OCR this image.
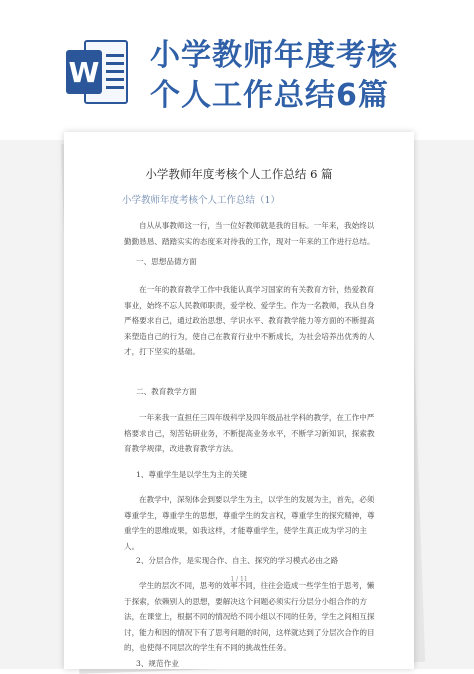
W 小学教师年度考核
个人工作总结6篇
小学教师年度考核个人工作总结 6 篇
小学教师年度考核个人工作总结（1）
自从从事教师这一行，当一位好教师就是我的目标。一年来，我始终以勤勤恳恳、踏踏实实的态度来对待我的工作，现对一年来的工作进行总结。
一、思想品德方面
在一年的教育教学工作中我能认真学习国家的有关教育方针，热爱教育事业，始终不忘人民教师职责，爱学校、爱学生。作为一名教师，我从自身严格要求自己，通过政治思想、学识水平、教育教学能力等方面的不断提高来塑造自己的行为，使自己在教育行业中不断成长，为社会培养出优秀的人才，打下坚实的基础。
二、教育教学方面
一年来我一直担任三四年级科学及四年级品社学科的教学，在工作中严格要求自己，刻苦钻研业务，不断提高业务水平，不断学习新知识，探索教育教学规律，改进教育教学方法。
1、尊重学生是以学生为主的关键
在教学中，深刻体会到要以学生为主，以学生的发展为主，首先，必须尊重学生，尊重学生的思想，尊重学生的发言权，尊重学生的探究精神，尊重学生的思维成果，如我这样，才能尊重学生，使学生真正成为学习的主人。
2、分层合作，是实现合作、自主、探究的学习模式必由之路
学生的层次不同，思考的效率不同，往往会造成一些学生怕于思考，懒于探索，依赖别人的思想，要解决这个问题必须实行分层分小组合作的方法，在课堂上，根据不同的情况给不同小组以不同的任务，学生之间相互探讨，能力和因的情况下有了思考问题的时间，这样就达到了分层次合作的目的，也使得不同层次的学生有不同的挑战性任务。
3、规范作业
1 / 11
